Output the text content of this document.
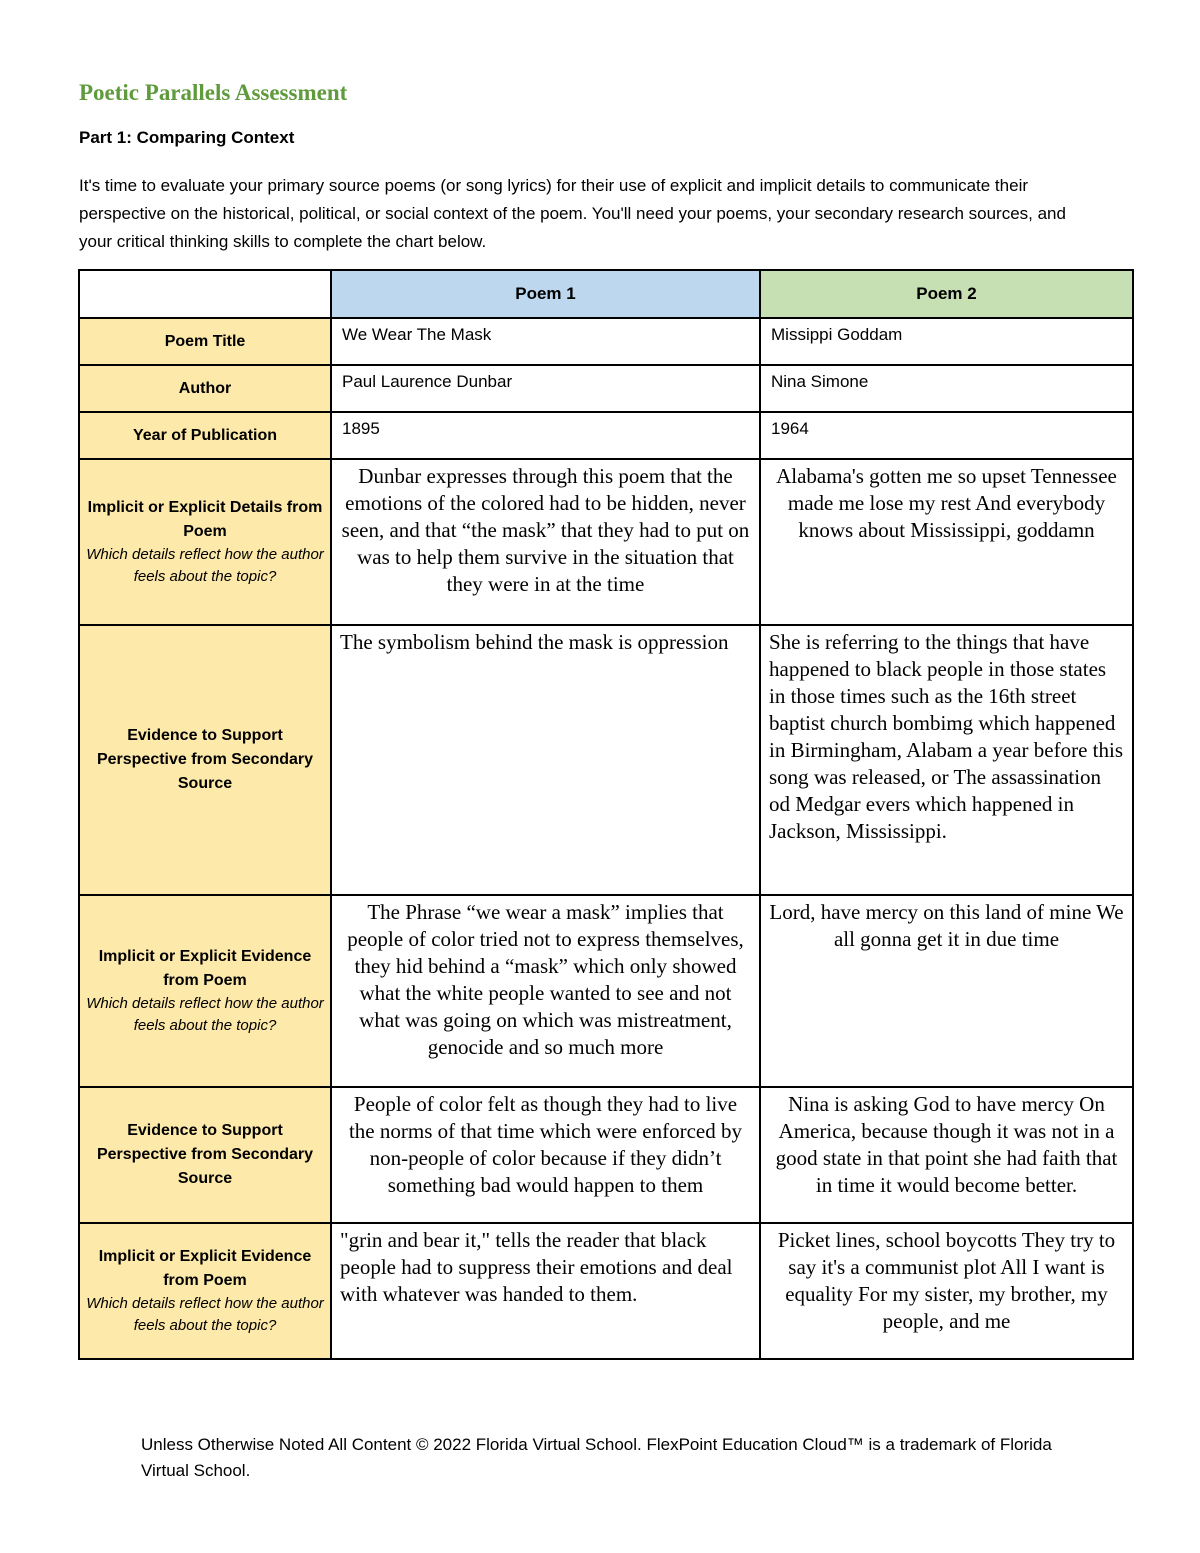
Poetic Parallels Assessment
Part 1: Comparing Context

It's time to evaluate your primary source poems (or song lyrics) for their use of explicit and implicit details to communicate their perspective on the historical, political, or social context of the poem. You'll need your poems, your secondary research sources, and your critical thinking skills to complete the chart below.

	Poem 1	Poem 2

Poem Title	We Wear The Mask	Missippi Goddam

Author	Paul Laurence Dunbar	Nina Simone

Year of Publication	1895	1964

Implicit or Explicit Details from Poem
Which details reflect how the author feels about the topic?	Dunbar expresses through this poem that the emotions of the colored had to be hidden, never seen, and that “the mask” that they had to put on was to help them survive in the situation that they were in at the time	Alabama's gotten me so upset Tennessee made me lose my rest And everybody knows about Mississippi, goddamn

Evidence to Support Perspective from Secondary Source	The symbolism behind the mask is oppression	She is referring to the things that have happened to black people in those states in those times such as the 16th street baptist church bombimg which happened in Birmingham, Alabam a year before this song was released, or The assassination od Medgar evers which happened in Jackson, Mississippi.

Implicit or Explicit Evidence from Poem
Which details reflect how the author feels about the topic?	The Phrase “we wear a mask” implies that people of color tried not to express themselves, they hid behind a “mask” which only showed what the white people wanted to see and not what was going on which was mistreatment, genocide and so much more	Lord, have mercy on this land of mine We all gonna get it in due time

Evidence to Support Perspective from Secondary Source	People of color felt as though they had to live the norms of that time which were enforced by non-people of color because if they didn’t something bad would happen to them	Nina is asking God to have mercy On America, because though it was not in a good state in that point she had faith that in time it would become better.

Implicit or Explicit Evidence from Poem
Which details reflect how the author feels about the topic?	"grin and bear it," tells the reader that black people had to suppress their emotions and deal with whatever was handed to them.	Picket lines, school boycotts They try to say it's a communist plot All I want is equality For my sister, my brother, my people, and me

Unless Otherwise Noted All Content © 2022 Florida Virtual School. FlexPoint Education Cloud™ is a trademark of Florida Virtual School.
